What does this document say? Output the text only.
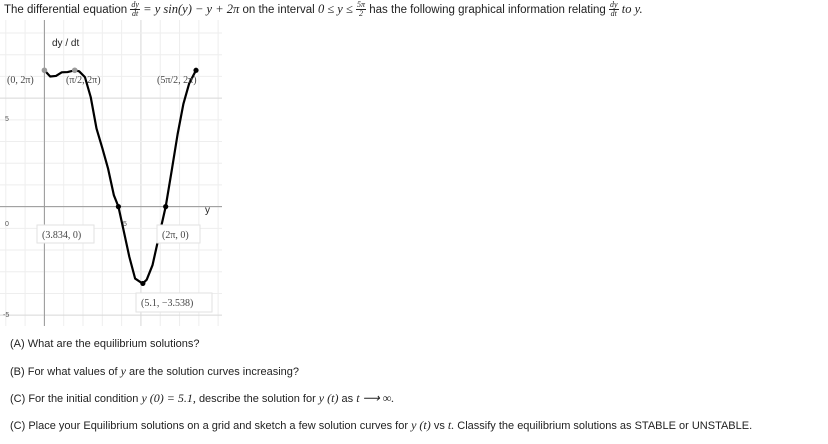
The differential equation $\frac{dy}{dt} = y$ sin(y) − y + 2π on the interval $0 \le y \le \frac{5\pi}{2}$ has the following graphical information relating $\frac{dy}{dt}$ to y.
dy / dt
y
5
0
-5
5
(0, 2π)	(π/2, 2π)	(5π/2, 2π)
(3.834, 0)	(2π, 0)
(5.1, −3.538)
(A) What are the equilibrium solutions?
(B) For what values of y are the solution curves increasing?
(C) For the initial condition y (0) = 5.1, describe the solution for y (t) as t ⟶ ∞.
(C) Place your Equilibrium solutions on a grid and sketch a few solution curves for y (t) vs t. Classify the equilibrium solutions as STABLE or UNSTABLE.
